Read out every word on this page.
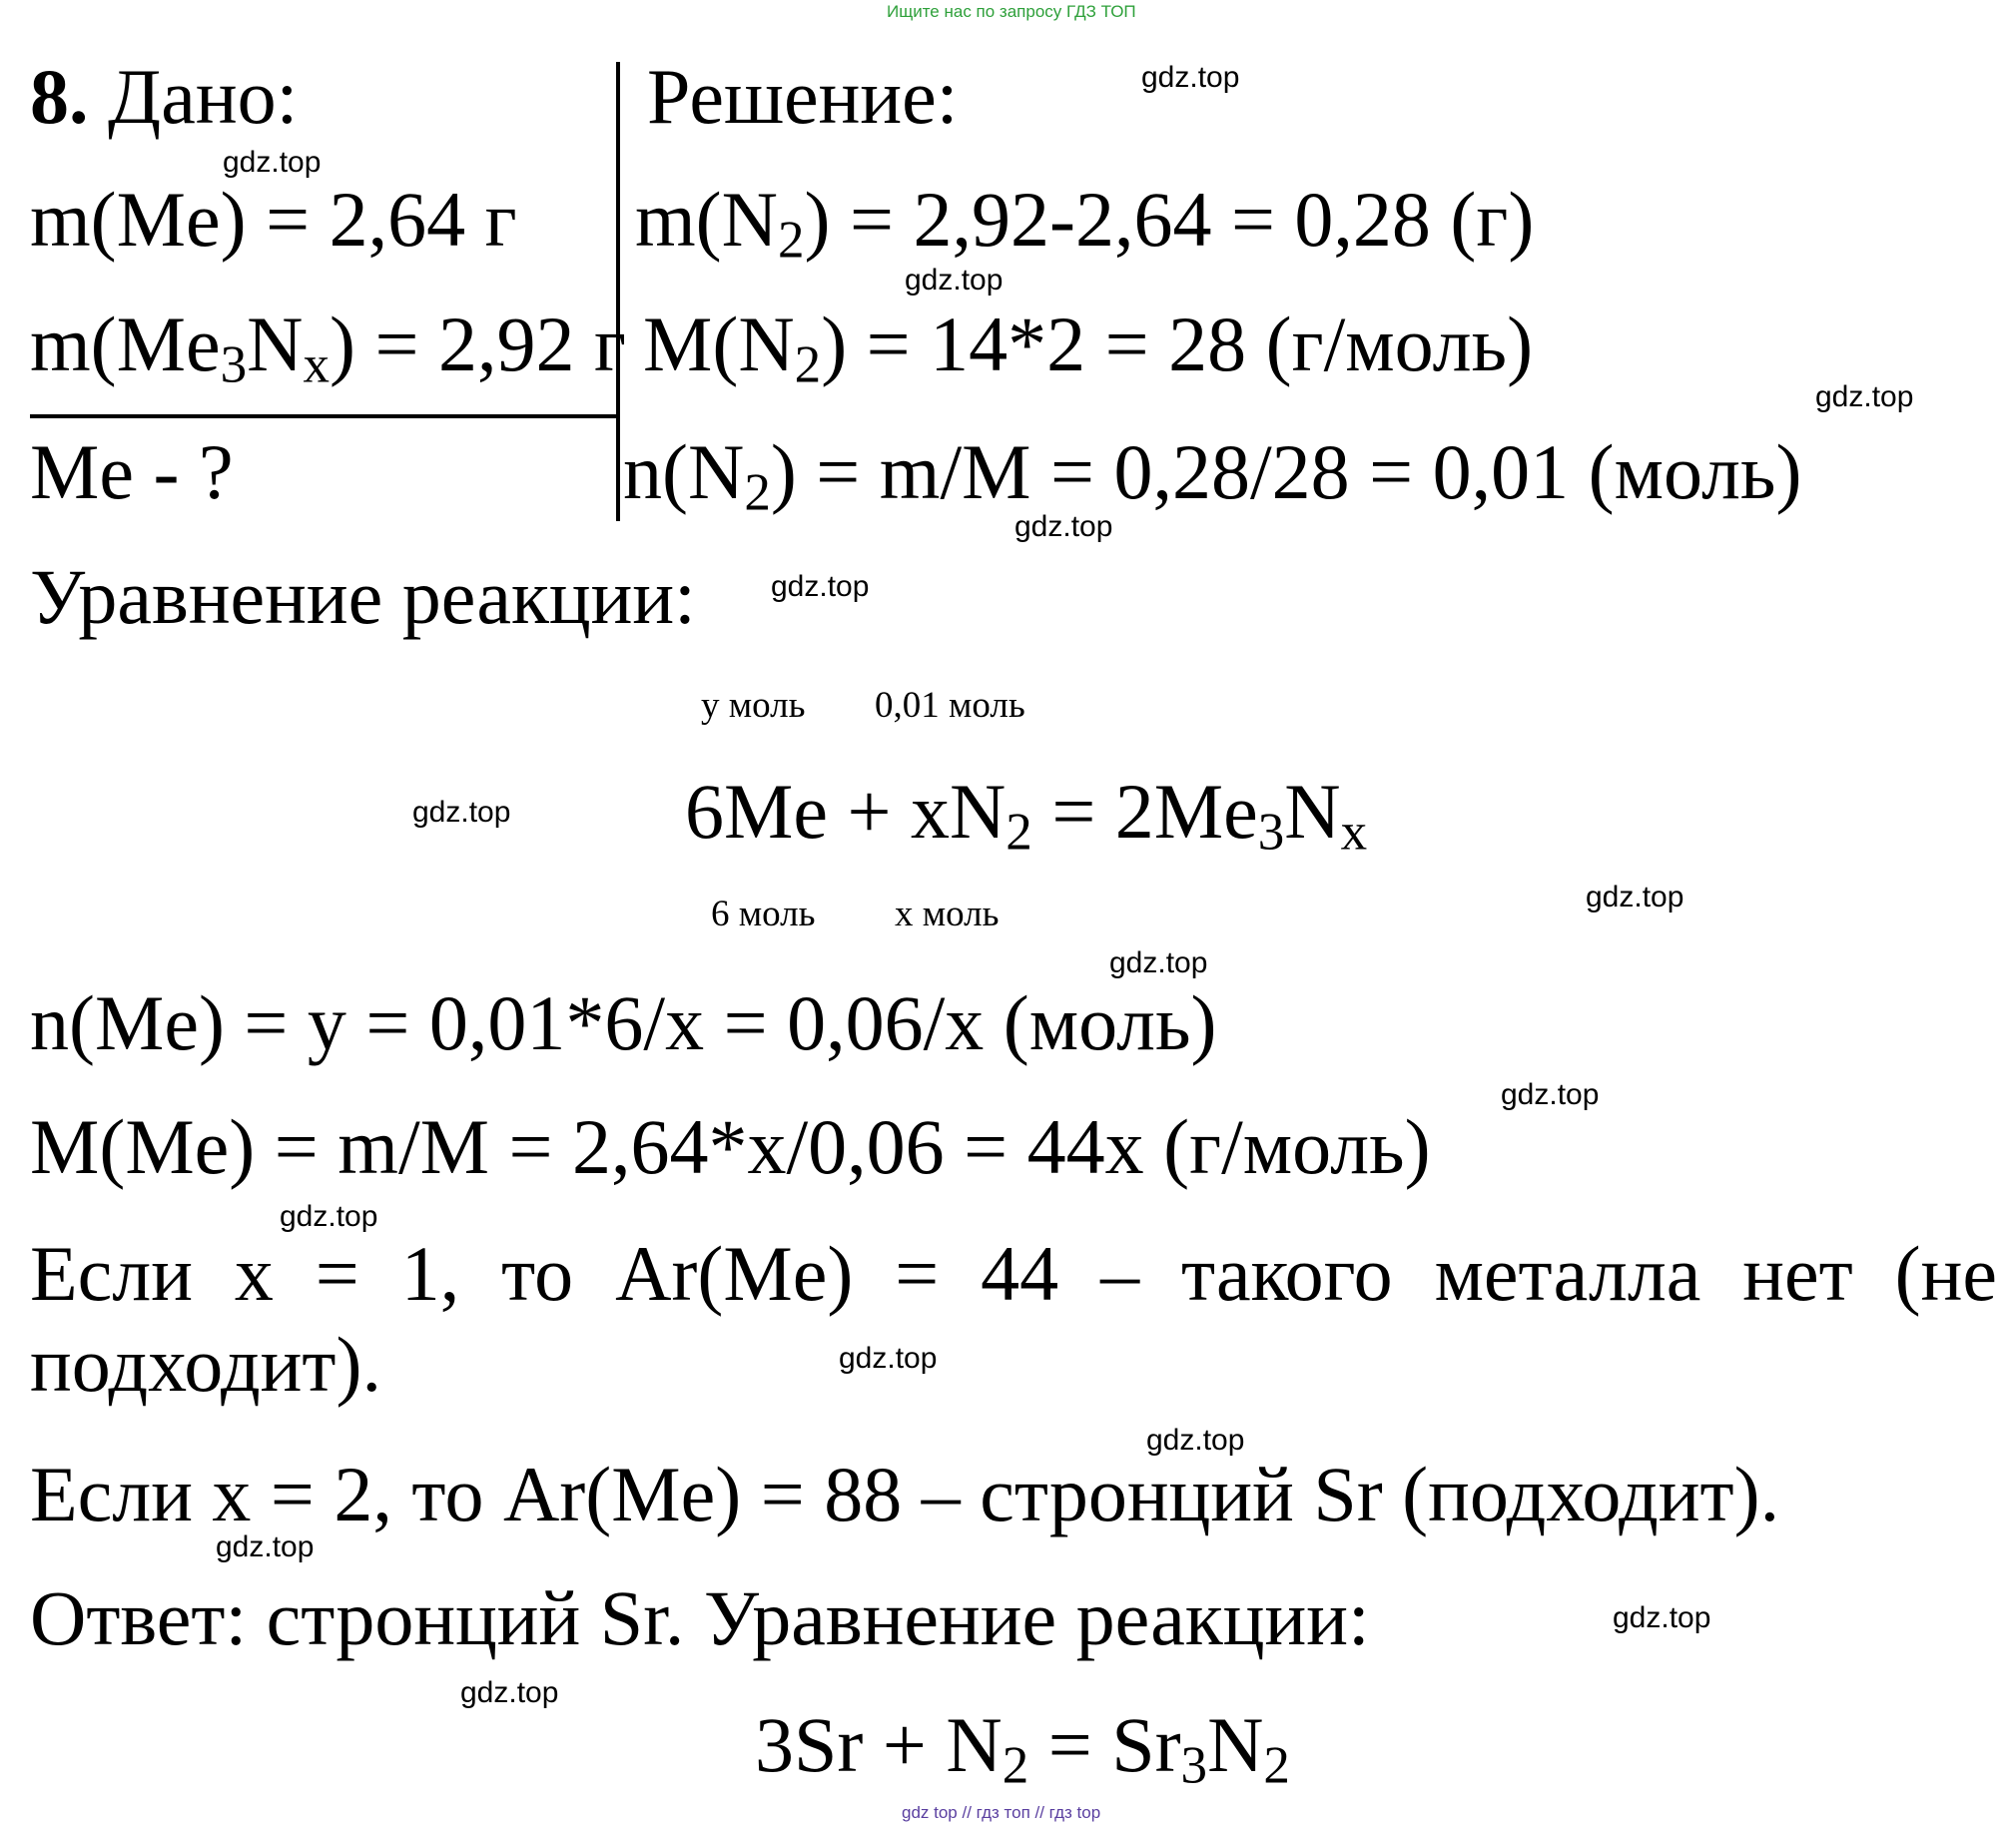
Ищите нас по запросу ГДЗ ТОП
8. Дано:
m(Me) = 2,64 г
$m(Me_3N_x) = 2,92$ г
Me - ?
Решение:
$m(N_2) = 2,92-2,64 = 0,28$ (г)
$M(N_2) = 14*2 = 28$ (г/моль)
$n(N_2) = m/M = 0,28/28 = 0,01$ (моль)
Уравнение реакции:
y моль 0,01 моль
$6Me + xN_2 = 2Me_3N_x$
6 моль x моль
n(Me) = y = 0,01*6/x = 0,06/x (моль)
M(Me) = m/M = 2,64*x/0,06 = 44x (г/моль)
Если x = 1, то Ar(Me) = 44 – такого металла нет (не
подходит).
Если x = 2, то Ar(Me) = 88 – стронций Sr (подходит).
Ответ: стронций Sr. Уравнение реакции:
$3Sr + N_2 = Sr_3N_2$
gdz.top
gdz.top
gdz.top
gdz.top
gdz.top
gdz.top
gdz.top
gdz.top
gdz.top
gdz.top
gdz.top
gdz.top
gdz.top
gdz.top
gdz.top
gdz.top
gdz top // гдз топ // гдз top
